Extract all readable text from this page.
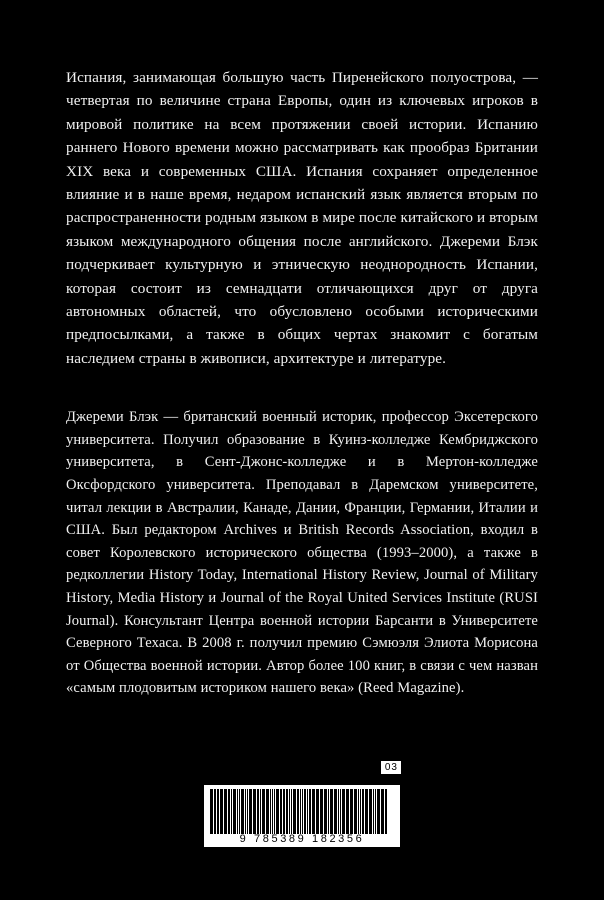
Испания, занимающая большую часть Пиренейского полуострова, — четвертая по величине страна Европы, один из ключевых игроков в мировой политике на всем протяжении своей истории. Испанию раннего Нового времени можно рассматривать как прообраз Британии XIX века и современных США. Испания сохраняет определенное влияние и в наше время, недаром испанский язык является вторым по распространенности родным языком в мире после китайского и вторым языком международного общения после английского. Джереми Блэк подчеркивает культурную и этническую неоднородность Испании, которая состоит из семнадцати отличающихся друг от друга автономных областей, что обусловлено особыми историческими предпосылками, а также в общих чертах знакомит с богатым наследием страны в живописи, архитектуре и литературе.

Джереми Блэк — британский военный историк, профессор Эксетерского университета. Получил образование в Куинз-колледже Кембриджского университета, в Сент-Джонс-колледже и в Мертон-колледже Оксфордского университета. Преподавал в Даремском университете, читал лекции в Австралии, Канаде, Дании, Франции, Германии, Италии и США. Был редактором Archives и British Records Association, входил в совет Королевского исторического общества (1993–2000), а также в редколлегии History Today, International History Review, Journal of Military History, Media History и Journal of the Royal United Services Institute (RUSI Journal). Консультант Центра военной истории Барсанти в Университете Северного Техаса. В 2008 г. получил премию Сэмюэля Элиота Морисона от Общества военной истории. Автор более 100 книг, в связи с чем назван «самым плодовитым историком нашего века» (Reed Magazine).

03
9 785389 182356
